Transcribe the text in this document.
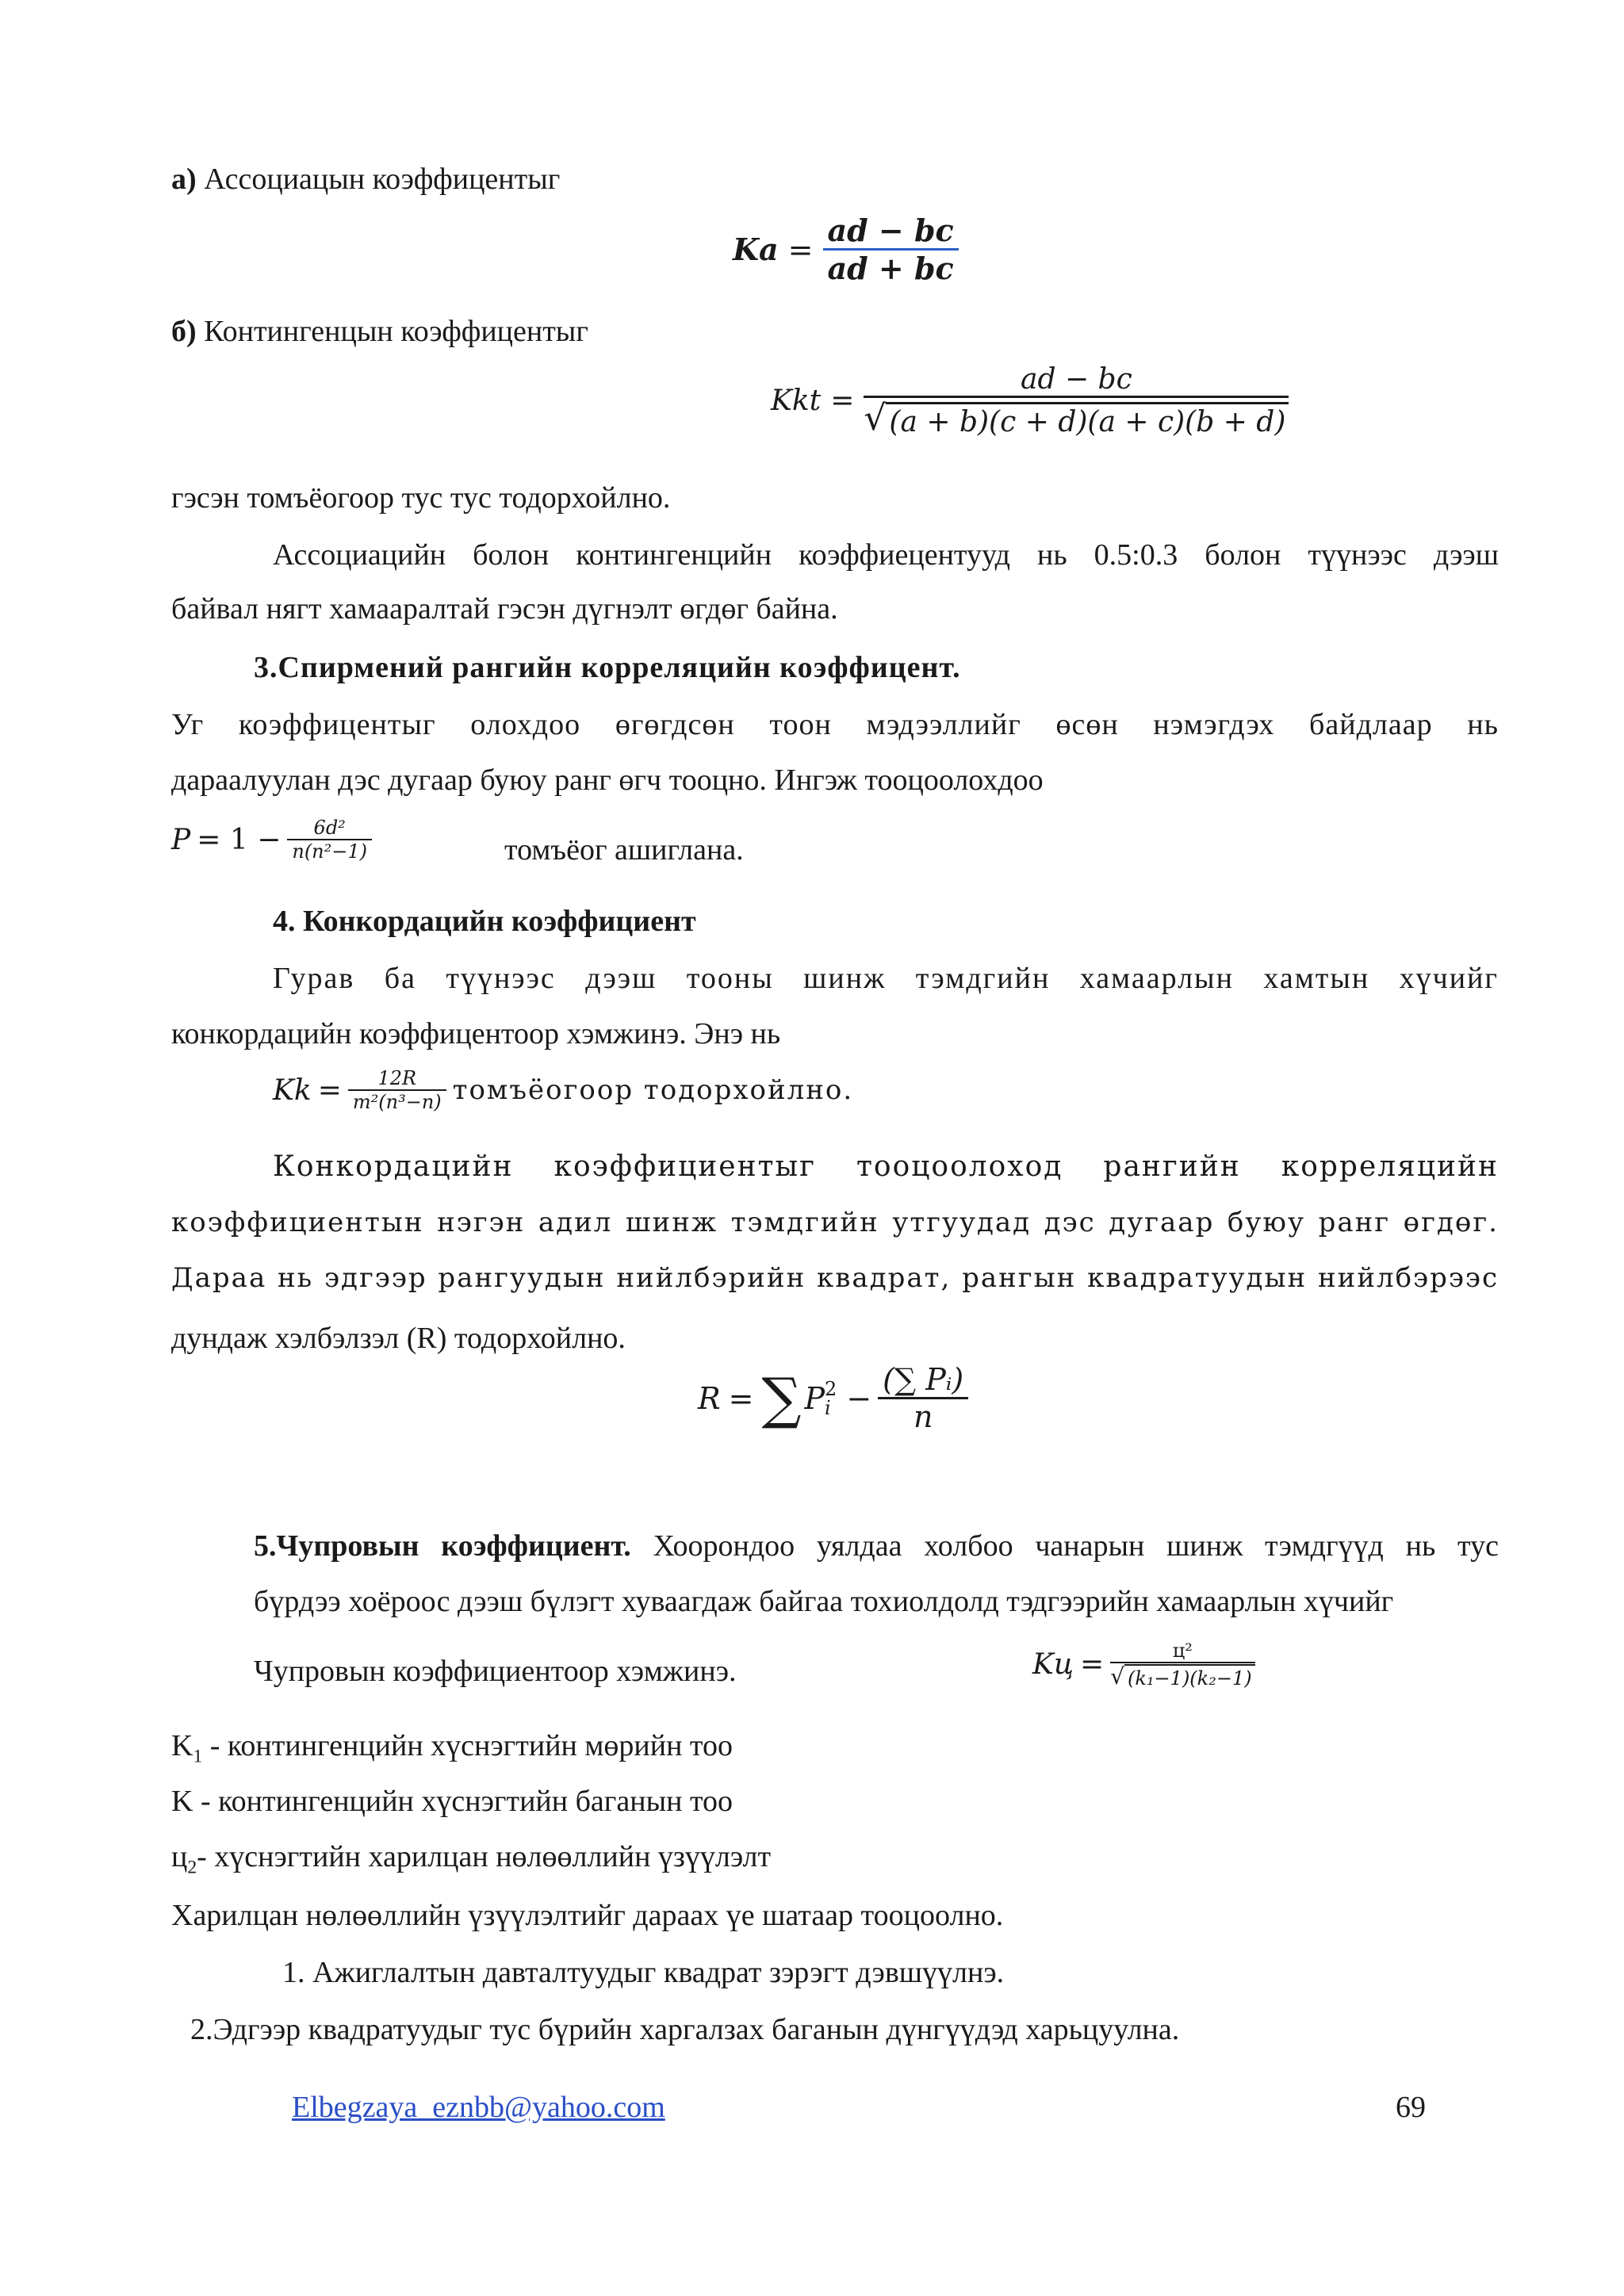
а) Ассоциацын коэффицентыг
$Ka = \frac{ad - bc}{ad + bc}$
б) Контингенцын коэффицентыг
Kkt = $\frac{ad - bc}{√ (a + b)(c + d)(a + c)(b + d)}$
гэсэн томъёогоор тус тус тодорхойлно.
Ассоциацийн болон контингенцийн коэффиецентууд нь 0.5:0.3 болон түүнээс дээш
байвал нягт хамааралтай гэсэн дүгнэлт өгдөг байна.
3.Спирмений рангийн корреляцийн коэффицент.
Уг коэффицентыг олохдоо өгөгдсөн тоон мэдээллийг өсөн нэмэгдэх байдлаар нь
дараалуулан дэс дугаар буюу ранг өгч тооцно. Ингэж тооцоолохдоо
$P = 1 - \frac{\text{6d²}}{\text{n(n²−1)}}$	томъёог ашиглана.
4. Конкордацийн коэффициент
Гурав ба түүнээс дээш тооны шинж тэмдгийн хамаарлын хамтын хүчийг
конкордацийн коэффицентоор хэмжинэ. Энэ нь
$Kk = \frac{12R}{\text{m²(n³−n)}}$ томъёогоор тодорхойлно.
Конкордацийн коэффициентыг тооцоолоход рангийн корреляцийн
коэффициентын нэгэн адил шинж тэмдгийн утгуудад дэс дугаар буюу ранг өгдөг.
Дараа нь эдгээр рангуудын нийлбэрийн квадрат, рангын квадратуудын нийлбэрээс
дундаж хэлбэлзэл (R) тодорхойлно.
R = ∑ P 2
$i - \frac{\text{(∑ Pᵢ)}}{n}$
5.Чупровын коэффициент. Хоорондоо уялдаа холбоо чанарын шинж тэмдгүүд нь тус
бүрдээ хоёроос дээш бүлэгт хуваагдаж байгаа тохиолдолд тэдгээрийн хамаарлын хүчийг
Чупровын коэффициентоор хэмжинэ.	Kц = $\frac{\text{ц²}}{\text{√ (k₁−1)(k₂−1)}}$
$K_1$ - контингенцийн хүснэгтийн мөрийн тоо
K - контингенцийн хүснэгтийн баганын тоо
$ц_2-$ хүснэгтийн харилцан нөлөөллийн үзүүлэлт
Харилцан нөлөөллийн үзүүлэлтийг дараах үе шатаар тооцоолно.
1. Ажиглалтын давталтуудыг квадрат зэрэгт дэвшүүлнэ.
2.Эдгээр квадратуудыг тус бүрийн харгалзах баганын дүнгүүдэд харьцуулна.
Elbegzaya_eznbb@yahoo.com	69
